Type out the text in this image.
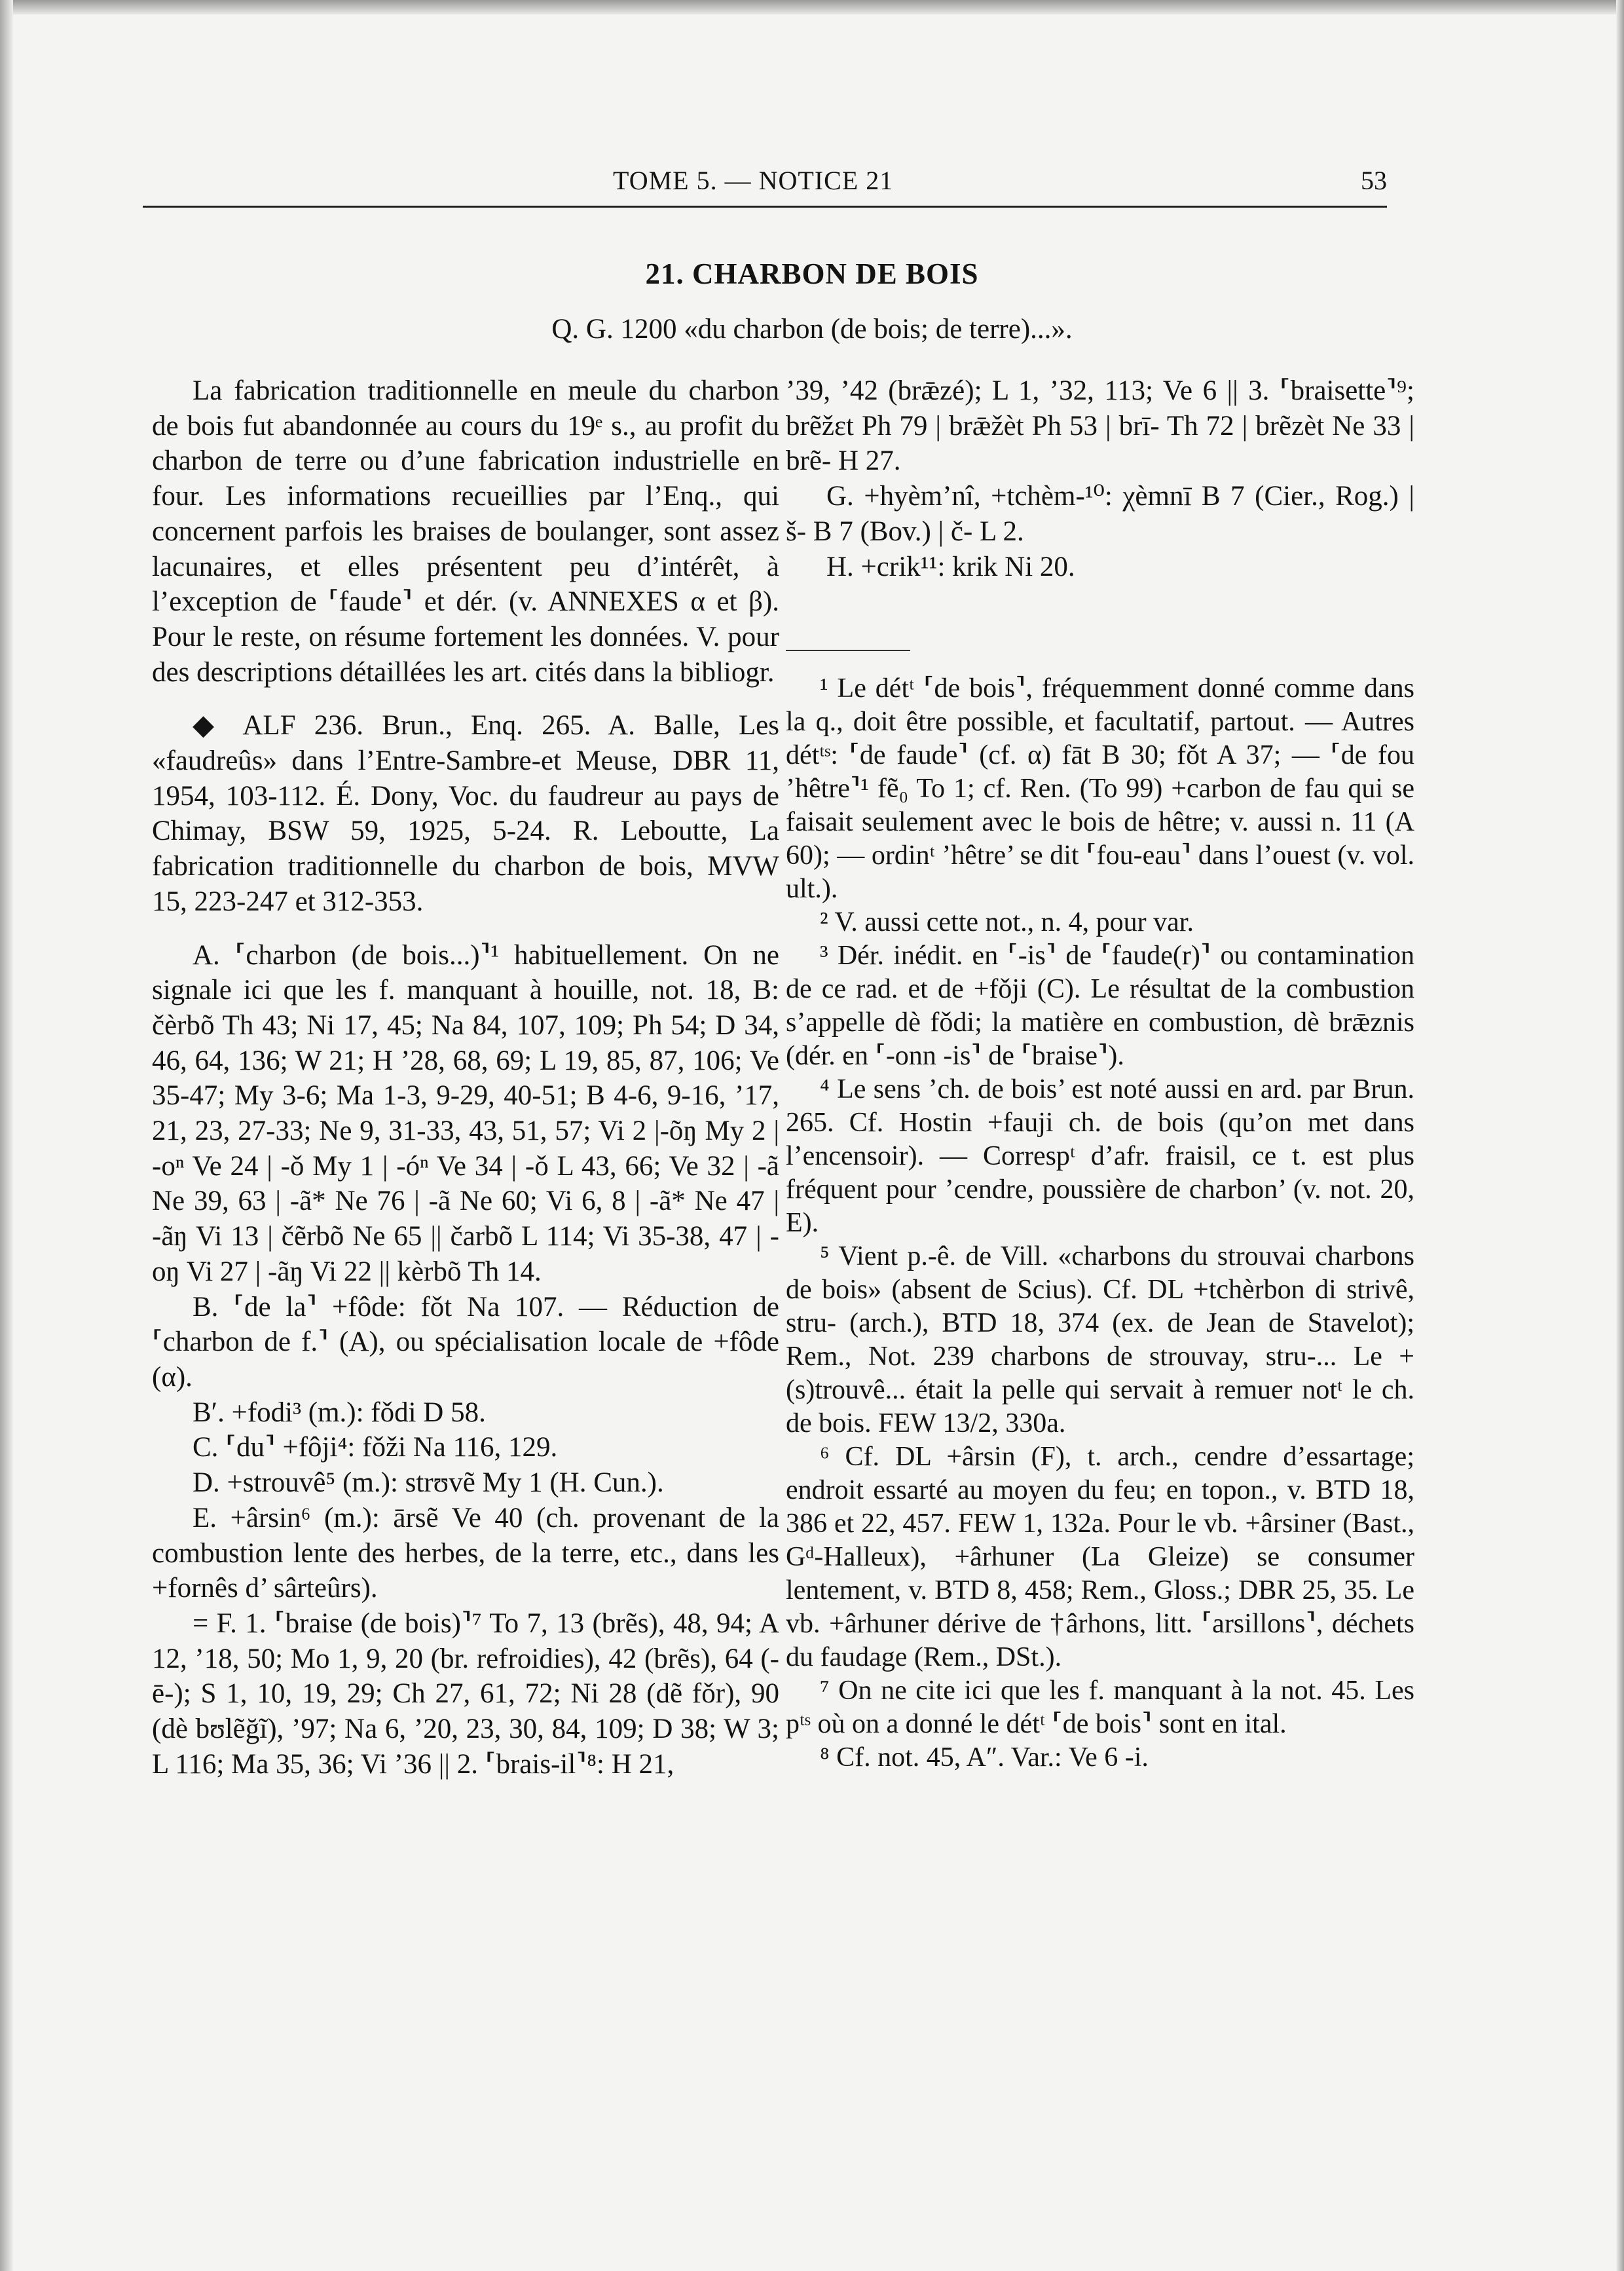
TOME 5. — NOTICE 21	53
21. CHARBON DE BOIS
Q. G. 1200 «du charbon (de bois; de terre)...».

La fabrication traditionnelle en meule du charbon de bois fut abandonnée au cours du 19ᵉ s., au profit du charbon de terre ou d’une fabrication industrielle en four. Les informations recueillies par l’Enq., qui concernent parfois les braises de boulanger, sont assez lacunaires, et elles présentent peu d’intérêt, à l’exception de ⸢faude⸣ et dér. (v. ANNEXES α et β). Pour le reste, on résume fortement les données. V. pour des descriptions détaillées les art. cités dans la bibliogr.

◆ ALF 236. Brun., Enq. 265. A. Balle, Les «faudreûs» dans l’Entre-Sambre-et Meuse, DBR 11, 1954, 103-112. É. Dony, Voc. du faudreur au pays de Chimay, BSW 59, 1925, 5-24. R. Leboutte, La fabrication traditionnelle du charbon de bois, MVW 15, 223-247 et 312-353.

A. ⸢charbon (de bois...)⸣¹ habituellement. On ne signale ici que les f. manquant à houille, not. 18, B: čèrbõ Th 43; Ni 17, 45; Na 84, 107, 109; Ph 54; D 34, 46, 64, 136; W 21; H ’28, 68, 69; L 19, 85, 87, 106; Ve 35-47; My 3-6; Ma 1-3, 9-29, 40-51; B 4-6, 9-16, ’17, 21, 23, 27-33; Ne 9, 31-33, 43, 51, 57; Vi 2 |-õŋ My 2 | -oⁿ Ve 24 | -ǒ My 1 | -óⁿ Ve 34 | -ǒ L 43, 66; Ve 32 | -ã Ne 39, 63 | -ã* Ne 76 | -ã Ne 60; Vi 6, 8 | -ã* Ne 47 | -ãŋ Vi 13 | čẽrbõ Ne 65 || čarbõ L 114; Vi 35-38, 47 | -oŋ Vi 27 | -ãŋ Vi 22 || kèrbõ Th 14.

B. ⸢de la⸣ +fôde: fǒt Na 107. — Réduction de ⸢charbon de f.⸣ (A), ou spécialisation locale de +fôde (α).

B′. +fodi³ (m.): fǒdi D 58.

C. ⸢du⸣ +fôji⁴: fǒži Na 116, 129.

D. +strouvê⁵ (m.): strʊvẽ My 1 (H. Cun.).

E. +ârsin⁶ (m.): ārsẽ Ve 40 (ch. provenant de la combustion lente des herbes, de la terre, etc., dans les +fornês d’ sârteûrs).

= F. 1. ⸢braise (de bois)⸣⁷ To 7, 13 (brẽs), 48, 94; A 12, ’18, 50; Mo 1, 9, 20 (br. refroidies), 42 (brẽs), 64 (-ē-); S 1, 10, 19, 29; Ch 27, 61, 72; Ni 28 (dẽ fǒr), 90 (dè bʊlẽğĩ), ’97; Na 6, ’20, 23, 30, 84, 109; D 38; W 3; L 116; Ma 35, 36; Vi ’36 || 2. ⸢brais-il⸣⁸: H 21,

’39, ’42 (brǣzé); L 1, ’32, 113; Ve 6 || 3. ⸢braisette⸣⁹; brẽžɛt Ph 79 | brǣžèt Ph 53 | brī- Th 72 | brẽzèt Ne 33 | brẽ- H 27.

G. +hyèm’nî, +tchèm-¹⁰: χèmnī B 7 (Cier., Rog.) | š- B 7 (Bov.) | č- L 2.

H. +crik¹¹: krik Ni 20.

¹ Le détᵗ ⸢de bois⸣, fréquemment donné comme dans la q., doit être possible, et facultatif, partout. — Autres détᵗˢ: ⸢de faude⸣ (cf. α) fāt B 30; fǒt A 37; — ⸢de fou ’hêtre⸣¹ fẽ₀ To 1; cf. Ren. (To 99) +carbon de fau qui se faisait seulement avec le bois de hêtre; v. aussi n. 11 (A 60); — ordinᵗ ’hêtre’ se dit ⸢fou-eau⸣ dans l’ouest (v. vol. ult.).

² V. aussi cette not., n. 4, pour var.

³ Dér. inédit. en ⸢-is⸣ de ⸢faude(r)⸣ ou contamination de ce rad. et de +fǒji (C). Le résultat de la combustion s’appelle dè fǒdi; la matière en combustion, dè brǣznis (dér. en ⸢-onn -is⸣ de ⸢braise⸣).

⁴ Le sens ’ch. de bois’ est noté aussi en ard. par Brun. 265. Cf. Hostin +fauji ch. de bois (qu’on met dans l’encensoir). — Correspᵗ d’afr. fraisil, ce t. est plus fréquent pour ’cendre, poussière de charbon’ (v. not. 20, E).

⁵ Vient p.-ê. de Vill. «charbons du strouvai charbons de bois» (absent de Scius). Cf. DL +tchèrbon di strivê, stru- (arch.), BTD 18, 374 (ex. de Jean de Stavelot); Rem., Not. 239 charbons de strouvay, stru-... Le +(s)trouvê... était la pelle qui servait à remuer notᵗ le ch. de bois. FEW 13/2, 330a.

⁶ Cf. DL +ârsin (F), t. arch., cendre d’essartage; endroit essarté au moyen du feu; en topon., v. BTD 18, 386 et 22, 457. FEW 1, 132a. Pour le vb. +ârsiner (Bast., Gᵈ-Halleux), +ârhuner (La Gleize) se consumer lentement, v. BTD 8, 458; Rem., Gloss.; DBR 25, 35. Le vb. +ârhuner dérive de †ârhons, litt. ⸢arsillons⸣, déchets du faudage (Rem., DSt.).

⁷ On ne cite ici que les f. manquant à la not. 45. Les pᵗˢ où on a donné le détᵗ ⸢de bois⸣ sont en ital.

⁸ Cf. not. 45, A″. Var.: Ve 6 -i.
